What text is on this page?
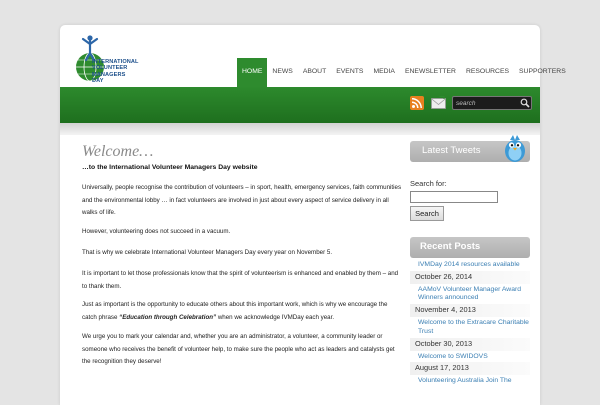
INTERNATIONAL
VOLUNTEER
MANAGERS
DAY
HOME	NEWS	ABOUT	EVENTS	MEDIA	ENEWSLETTER	RESOURCES	SUPPORTERS
search
Welcome…
…to the International Volunteer Managers Day website
Universally, people recognise the contribution of volunteers – in sport, health, emergency services, faith communities and the environmental lobby … in fact volunteers are involved in just about every aspect of service delivery in all walks of life.
However, volunteering does not succeed in a vacuum.
That is why we celebrate International Volunteer Managers Day every year on November 5.
It is important to let those professionals know that the spirit of volunteerism is enhanced and enabled by them – and to thank them.
Just as important is the opportunity to educate others about this important work, which is why we encourage the catch phrase “Education through Celebration” when we acknowledge IVMDay each year.
We urge you to mark your calendar and, whether you are an administrator, a volunteer, a community leader or someone who receives the benefit of volunteer help, to make sure the people who act as leaders and catalysts get the recognition they deserve!
Latest Tweets
Search for:
Search
Recent Posts
IVMDay 2014 resources available
October 26, 2014
AAMoV Volunteer Manager Award Winners announced
November 4, 2013
Welcome to the Extracare Charitable Trust
October 30, 2013
Welcome to SWIDOVS
August 17, 2013
Volunteering Australia Join The
